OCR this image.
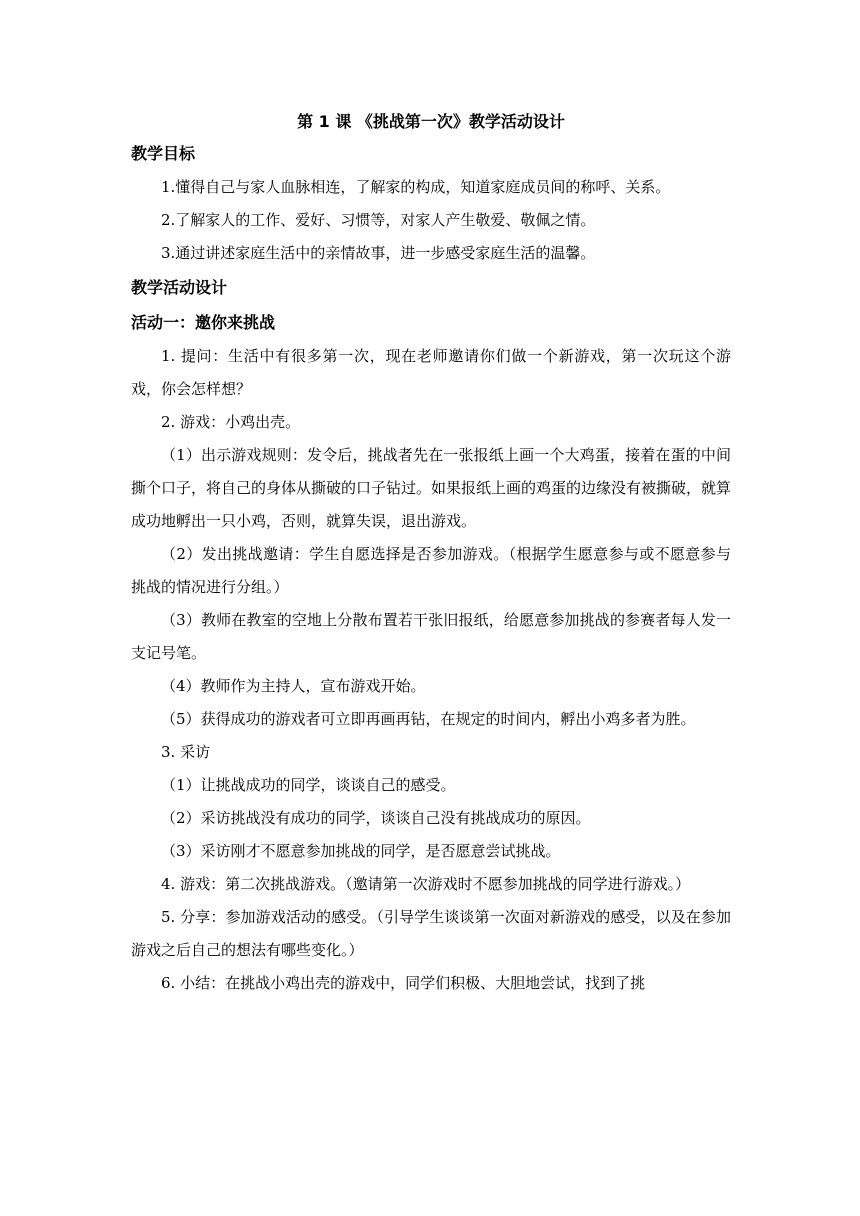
第 1 课 《挑战第一次》教学活动设计
教学目标

1.懂得自己与家人血脉相连，了解家的构成，知道家庭成员间的称呼、关系。

2.了解家人的工作、爱好、习惯等，对家人产生敬爱、敬佩之情。

3.通过讲述家庭生活中的亲情故事，进一步感受家庭生活的温馨。

教学活动设计
活动一：邀你来挑战

1. 提问：生活中有很多第一次，现在老师邀请你们做一个新游戏，第一次玩这个游戏，你会怎样想？

2. 游戏：小鸡出壳。

（1）出示游戏规则：发令后，挑战者先在一张报纸上画一个大鸡蛋，接着在蛋的中间撕个口子，将自己的身体从撕破的口子钻过。如果报纸上画的鸡蛋的边缘没有被撕破，就算成功地孵出一只小鸡，否则，就算失误，退出游戏。

（2）发出挑战邀请：学生自愿选择是否参加游戏。（根据学生愿意参与或不愿意参与挑战的情况进行分组。）

（3）教师在教室的空地上分散布置若干张旧报纸，给愿意参加挑战的参赛者每人发一支记号笔。

（4）教师作为主持人，宣布游戏开始。

（5）获得成功的游戏者可立即再画再钻，在规定的时间内，孵出小鸡多者为胜。

3. 采访

（1）让挑战成功的同学，谈谈自己的感受。

（2）采访挑战没有成功的同学，谈谈自己没有挑战成功的原因。

（3）采访刚才不愿意参加挑战的同学，是否愿意尝试挑战。

4. 游戏：第二次挑战游戏。（邀请第一次游戏时不愿参加挑战的同学进行游戏。）

5. 分享：参加游戏活动的感受。（引导学生谈谈第一次面对新游戏的感受，以及在参加游戏之后自己的想法有哪些变化。）

6. 小结：在挑战小鸡出壳的游戏中，同学们积极、大胆地尝试，找到了挑
